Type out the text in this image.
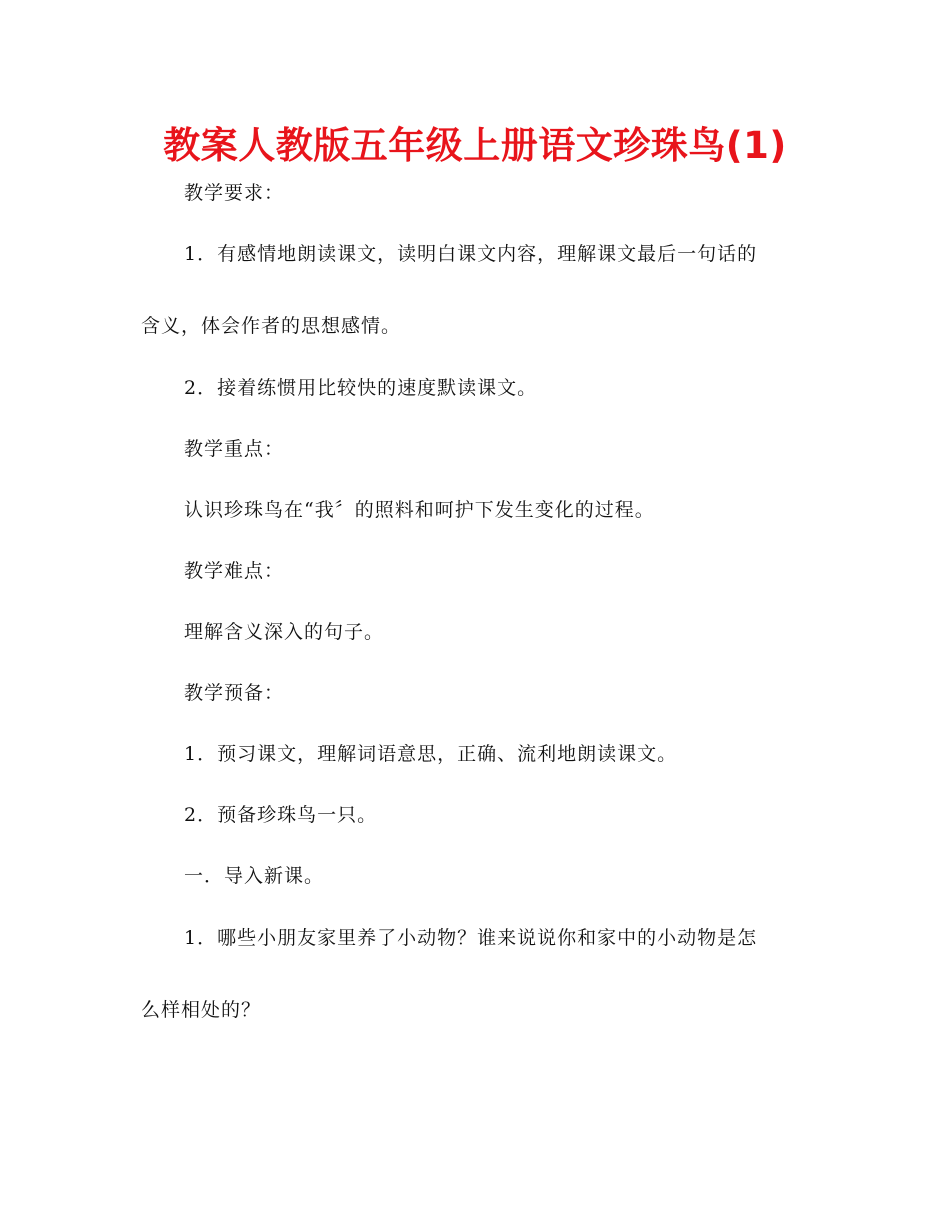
教案人教版五年级上册语文珍珠鸟(1)
教学要求：
1．有感情地朗读课文，读明白课文内容，理解课文最后一句话的
含义，体会作者的思想感情。
2．接着练惯用比较快的速度默读课文。
教学重点：
认识珍珠鸟在“我〞的照料和呵护下发生变化的过程。
教学难点：
理解含义深入的句子。
教学预备：
1．预习课文，理解词语意思，正确、流利地朗读课文。
2．预备珍珠鸟一只。
一．导入新课。
1．哪些小朋友家里养了小动物？谁来说说你和家中的小动物是怎
么样相处的？
